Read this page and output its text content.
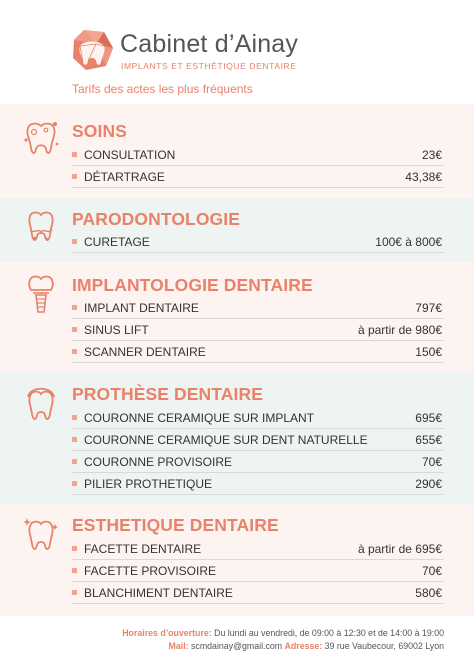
Cabinet d’Ainay
IMPLANTS ET ESTHÉTIQUE DENTAIRE
Tarifs des actes les plus fréquents
SOINS
CONSULTATION	23€
DÉTARTRAGE	43,38€
PARODONTOLOGIE
CURETAGE	100€ à 800€
IMPLANTOLOGIE DENTAIRE
IMPLANT DENTAIRE	797€
SINUS LIFT	à partir de 980€
SCANNER DENTAIRE	150€
PROTHÈSE DENTAIRE
COURONNE CERAMIQUE SUR IMPLANT	695€
COURONNE CERAMIQUE SUR DENT NATURELLE	655€
COURONNE PROVISOIRE	70€
PILIER PROTHETIQUE	290€
ESTHETIQUE DENTAIRE
FACETTE DENTAIRE	à partir de 695€
FACETTE PROVISOIRE	70€
BLANCHIMENT DENTAIRE	580€
Horaires d’ouverture: Du lundi au vendredi, de 09:00 à 12:30 et de 14:00 à 19:00
Mail: scmdainay@gmail.com Adresse: 39 rue Vaubecour, 69002 Lyon
